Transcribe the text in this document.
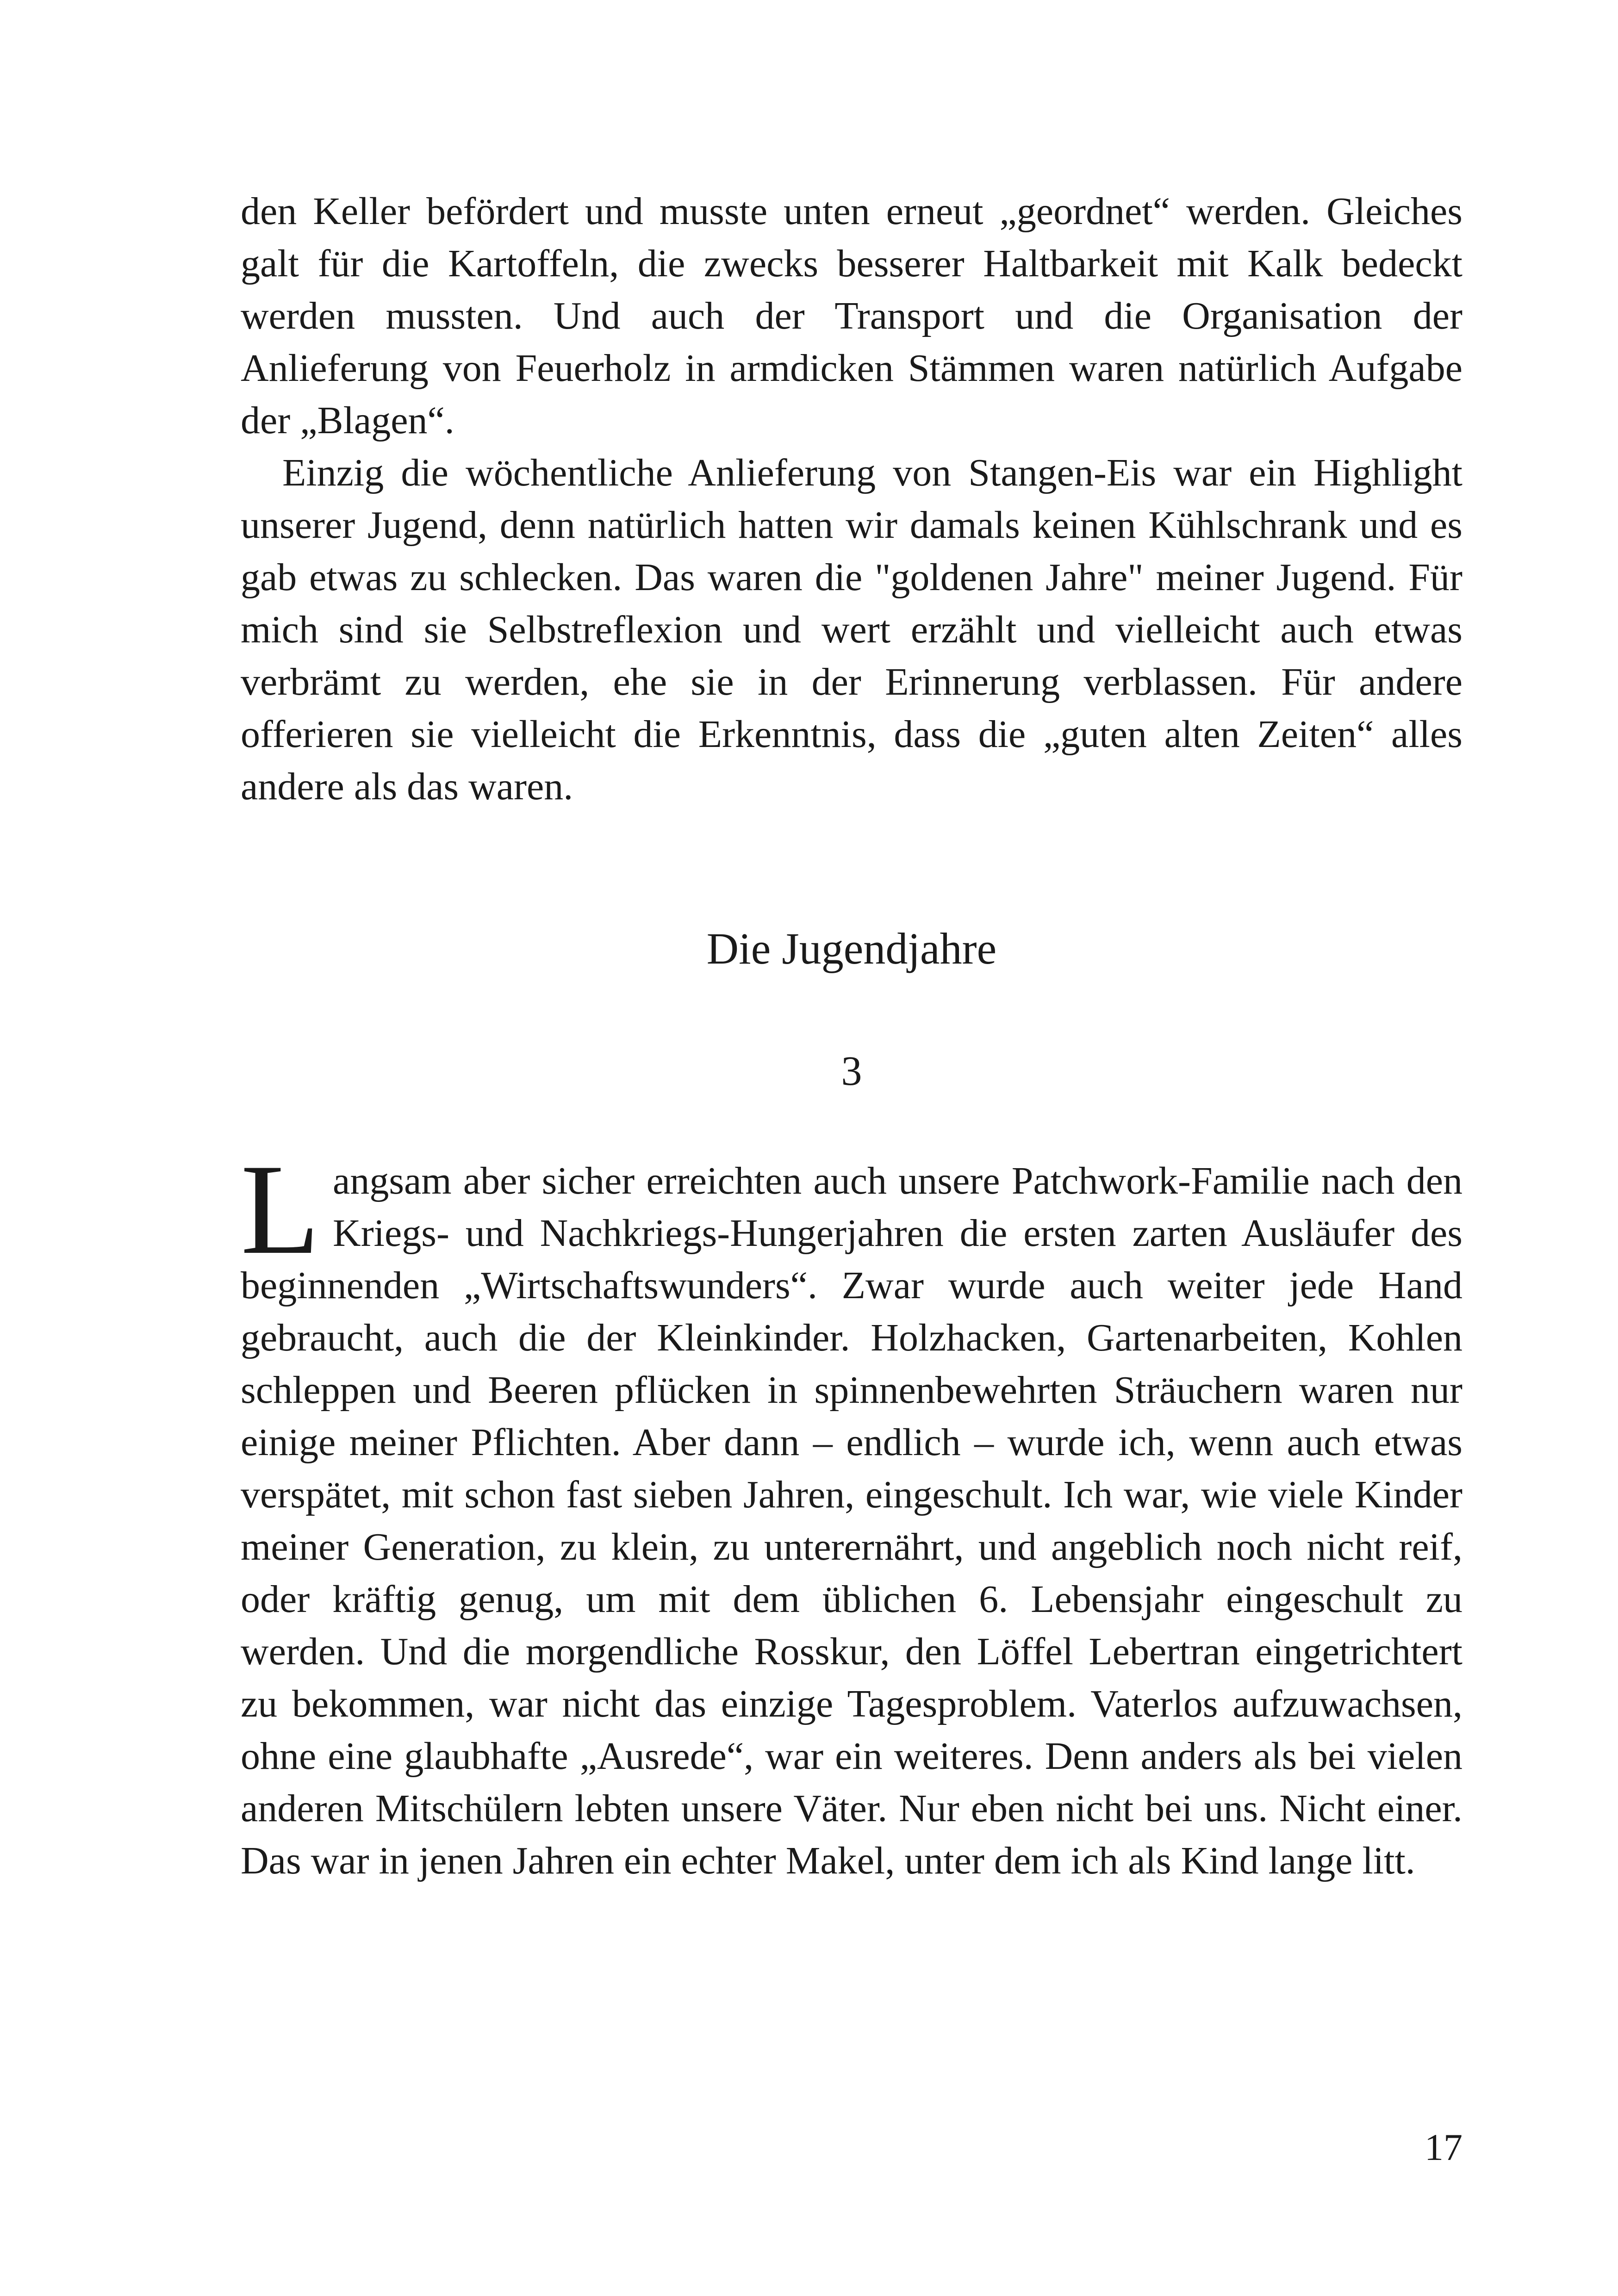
den Keller befördert und musste unten erneut „geordnet“ werden. Gleiches galt für die Kartoffeln, die zwecks besserer Haltbarkeit mit Kalk bedeckt werden mussten. Und auch der Transport und die Organisation der Anlieferung von Feuerholz in armdicken Stämmen waren natürlich Aufgabe der „Blagen“.

Einzig die wöchentliche Anlieferung von Stangen-Eis war ein Highlight unserer Jugend, denn natürlich hatten wir damals keinen Kühlschrank und es gab etwas zu schlecken. Das waren die "goldenen Jahre" meiner Jugend. Für mich sind sie Selbstreflexion und wert erzählt und vielleicht auch etwas verbrämt zu werden, ehe sie in der Erinnerung verblassen. Für andere offerieren sie vielleicht die Erkenntnis, dass die „guten alten Zeiten“ alles andere als das waren.

Die Jugendjahre
3

Langsam aber sicher erreichten auch unsere Patchwork-Familie nach den Kriegs- und Nachkriegs-Hungerjahren die ersten zarten Ausläufer des beginnenden „Wirtschaftswunders“. Zwar wurde auch weiter jede Hand gebraucht, auch die der Kleinkinder. Holzhacken, Gartenarbeiten, Kohlen schleppen und Beeren pflücken in spinnenbewehrten Sträuchern waren nur einige meiner Pflichten. Aber dann – endlich – wurde ich, wenn auch etwas verspätet, mit schon fast sieben Jahren, eingeschult. Ich war, wie viele Kinder meiner Generation, zu klein, zu unterernährt, und angeblich noch nicht reif, oder kräftig genug, um mit dem üblichen 6. Lebensjahr eingeschult zu werden. Und die morgendliche Rosskur, den Löffel Lebertran eingetrichtert zu bekommen, war nicht das einzige Tagesproblem. Vaterlos aufzuwachsen, ohne eine glaubhafte „Ausrede“, war ein weiteres. Denn anders als bei vielen anderen Mitschülern lebten unsere Väter. Nur eben nicht bei uns. Nicht einer. Das war in jenen Jahren ein echter Makel, unter dem ich als Kind lange litt.

17
